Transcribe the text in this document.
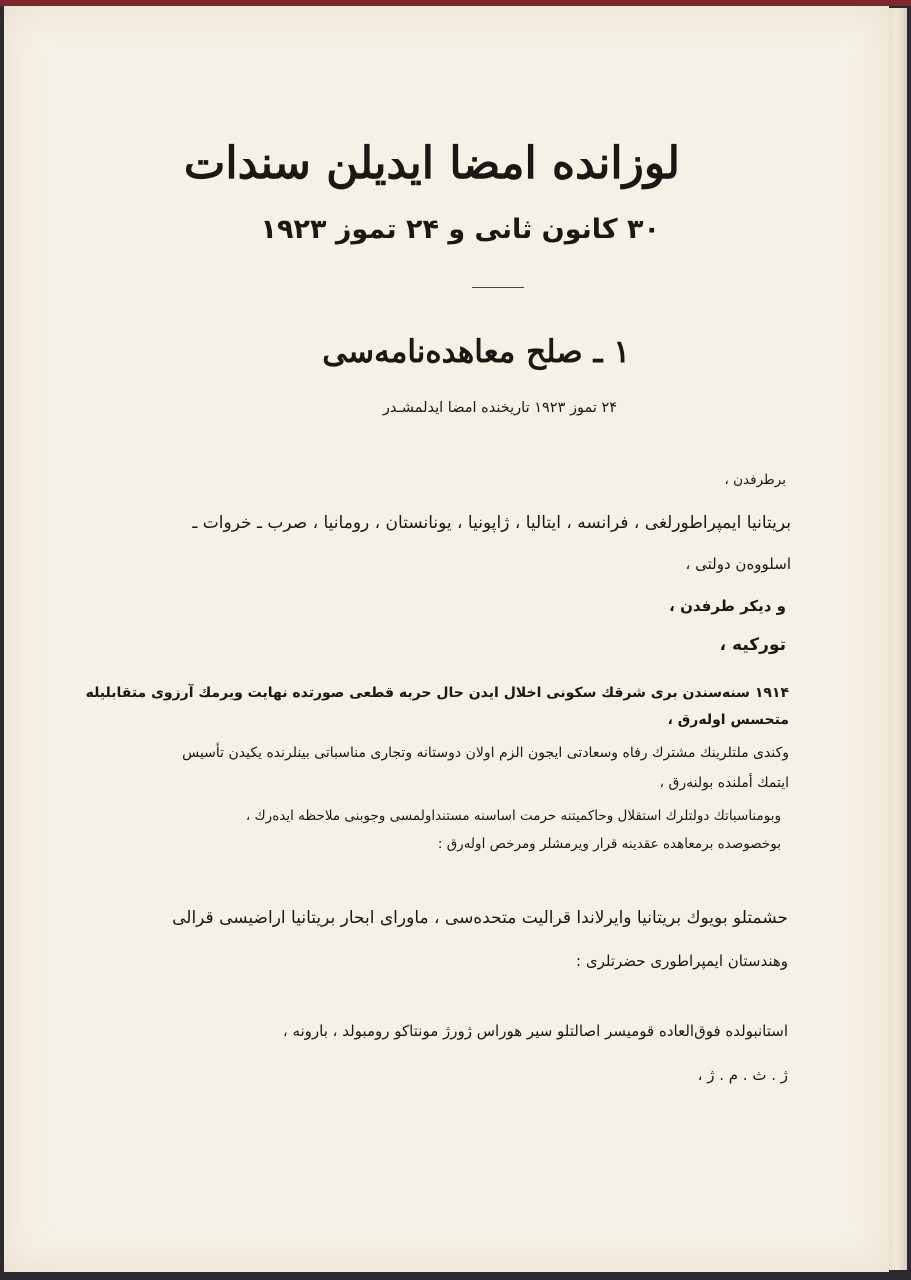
لوزانده امضا ایدیلن سندات
۳۰ کانون ثانی و ۲۴ تموز ۱۹۲۳
۱ ـ صلح معاهده‌نامه‌سی
۲۴ تموز ۱۹۲۳ تاریخنده امضا ایدلمشـدر
برطرفدن ،
بریتانیا ایمپراطورلغی ، فرانسه ، ایتالیا ، ژاپونیا ، یونانستان ، رومانیا ، صرب ـ خروات ـ
اسلووه‌ن دولتی ،
و دیکر طرفدن ،
تورکیه ،
۱۹۱۴ سنه‌سندن بری شرقك سکونی اخلال ایدن حال حربه قطعی صورتده نهایت ویرمك آرزوی متقابلیله
متحسس اوله‌رق ،
وکندی ملتلرینك مشترك رفاه وسعادتی ایجون الزم اولان دوستانه وتجاری مناسباتی بینلرنده یکیدن تأسیس
ایتمك أملنده بولنه‌رق ،
وبومناسباتك دولتلرك استقلال وحاکمیتنه حرمت اساسنه مستنداولمسی وجوبنی ملاحظه ایده‌رك ،
بوخصوصده برمعاهده عقدینه قرار ویرمشلر ومرخص اوله‌رق :
حشمتلو بویوك بریتانیا وایرلاندا قرالیت متحده‌سی ، ماورای ابحار بریتانیا اراضیسی قرالی
وهندستان ایمپراطوری حضرتلری :
استانبولده فوق‌العاده قومیسر اصالتلو سیر هوراس ژورژ مونتاکو رومبولد ، بارونه ،
ژ . ث . م . ژ ،
